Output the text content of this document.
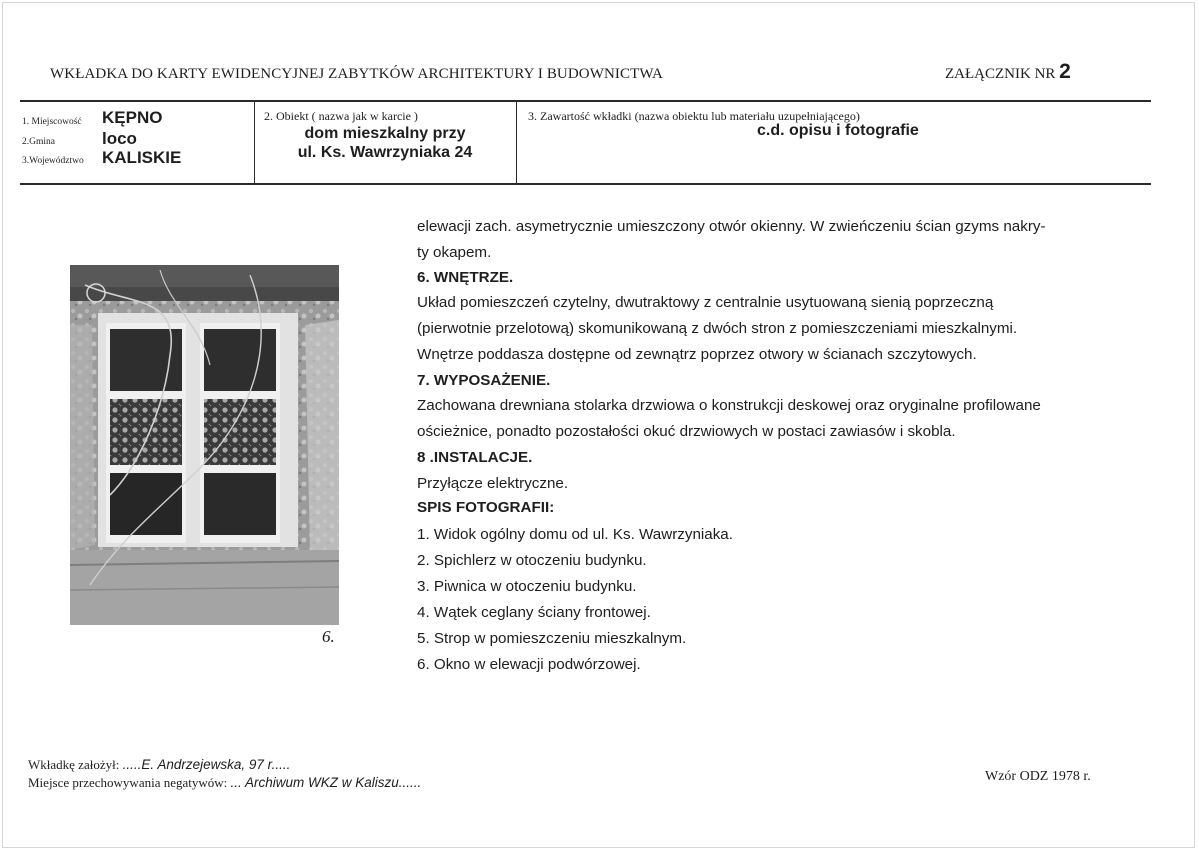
WKŁADKA DO KARTY EWIDENCYJNEJ ZABYTKÓW ARCHITEKTURY I BUDOWNICTWA	ZAŁĄCZNIK NR 2
1. Miejscowość KĘPNO
2.Gmina	loco
3.Województwo KALISKIE
2. Obiekt ( nazwa jak w karcie )
dom mieszkalny przy
ul. Ks. Wawrzyniaka 24
3. Zawartość wkładki (nazwa obiektu lub materiału uzupełniającego)
c.d. opisu i fotografie
6.
elewacji zach. asymetrycznie umieszczony otwór okienny. W zwieńczeniu ścian gzyms nakry-
ty okapem.
6. WNĘTRZE.
Układ pomieszczeń czytelny, dwutraktowy z centralnie usytuowaną sienią poprzeczną
(pierwotnie przelotową) skomunikowaną z dwóch stron z pomieszczeniami mieszkalnymi.
Wnętrze poddasza dostępne od zewnątrz poprzez otwory w ścianach szczytowych.
7. WYPOSAŻENIE.
Zachowana drewniana stolarka drzwiowa o konstrukcji deskowej oraz oryginalne profilowane
ościeżnice, ponadto pozostałości okuć drzwiowych w postaci zawiasów i skobla.
8 .INSTALACJE.
Przyłącze elektryczne.
SPIS FOTOGRAFII:
1. Widok ogólny domu od ul. Ks. Wawrzyniaka.
2. Spichlerz w otoczeniu budynku.
3. Piwnica w otoczeniu budynku.
4. Wątek ceglany ściany frontowej.
5. Strop w pomieszczeniu mieszkalnym.
6. Okno w elewacji podwórzowej.
Wkładkę założył: .....E. Andrzejewska, 97 r.....
Miejsce przechowywania negatywów: ... Archiwum WKZ w Kaliszu......	Wzór ODZ 1978 r.
